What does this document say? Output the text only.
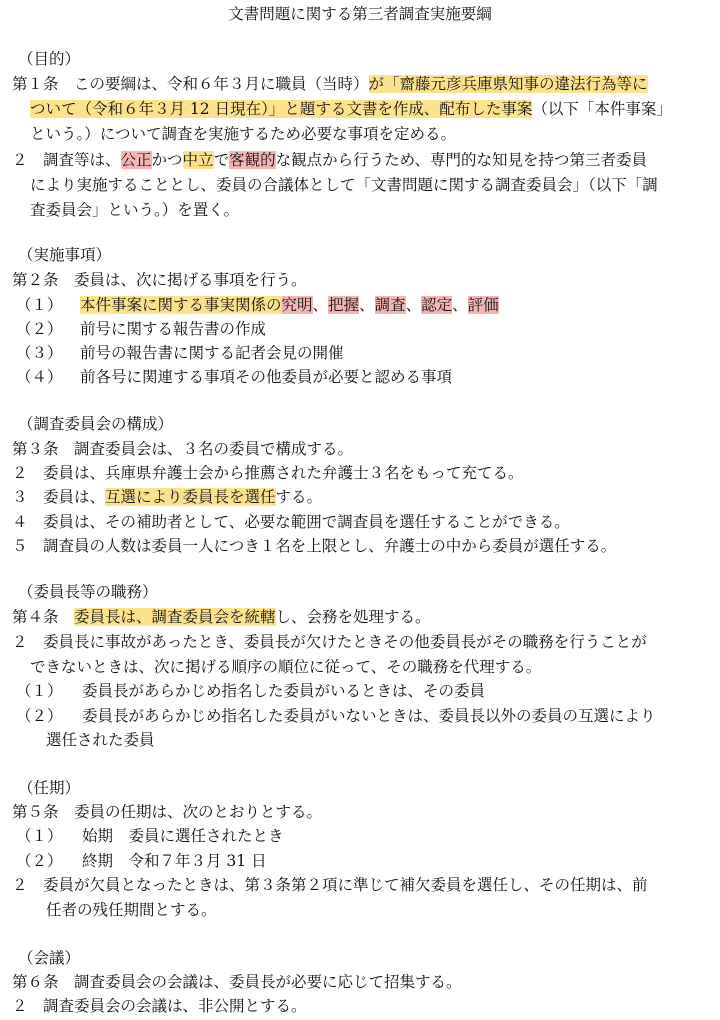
文書問題に関する第三者調査実施要綱
（目的）
第１条　この要綱は、令和６年３月に職員（当時）が「齋藤元彦兵庫県知事の違法行為等に
ついて（令和６年３月 12 日現在）」と題する文書を作成、配布した事案（以下「本件事案」
という。）について調査を実施するため必要な事項を定める。
２　調査等は、公正かつ中立で客観的な観点から行うため、専門的な知見を持つ第三者委員
により実施することとし、委員の合議体として「文書問題に関する調査委員会」（以下「調
査委員会」という。）を置く。
（実施事項）
第２条　委員は、次に掲げる事項を行う。
（１） 本件事案に関する事実関係の究明、把握、調査、認定、評価
（２） 前号に関する報告書の作成
（３） 前号の報告書に関する記者会見の開催
（４） 前各号に関連する事項その他委員が必要と認める事項
（調査委員会の構成）
第３条　調査委員会は、３名の委員で構成する。
２　委員は、兵庫県弁護士会から推薦された弁護士３名をもって充てる。
３　委員は、互選により委員長を選任する。
４　委員は、その補助者として、必要な範囲で調査員を選任することができる。
５　調査員の人数は委員一人につき１名を上限とし、弁護士の中から委員が選任する。
（委員長等の職務）
第４条　委員長は、調査委員会を統轄し、会務を処理する。
２　委員長に事故があったとき、委員長が欠けたときその他委員長がその職務を行うことが
できないときは、次に掲げる順序の順位に従って、その職務を代理する。
（１） 委員長があらかじめ指名した委員がいるときは、その委員
（２） 委員長があらかじめ指名した委員がいないときは、委員長以外の委員の互選により
選任された委員
（任期）
第５条　委員の任期は、次のとおりとする。
（１） 始期　委員に選任されたとき
（２） 終期　令和７年３月 31 日
２　委員が欠員となったときは、第３条第２項に準じて補欠委員を選任し、その任期は、前
任者の残任期間とする。
（会議）
第６条　調査委員会の会議は、委員長が必要に応じて招集する。
２　調査委員会の会議は、非公開とする。
